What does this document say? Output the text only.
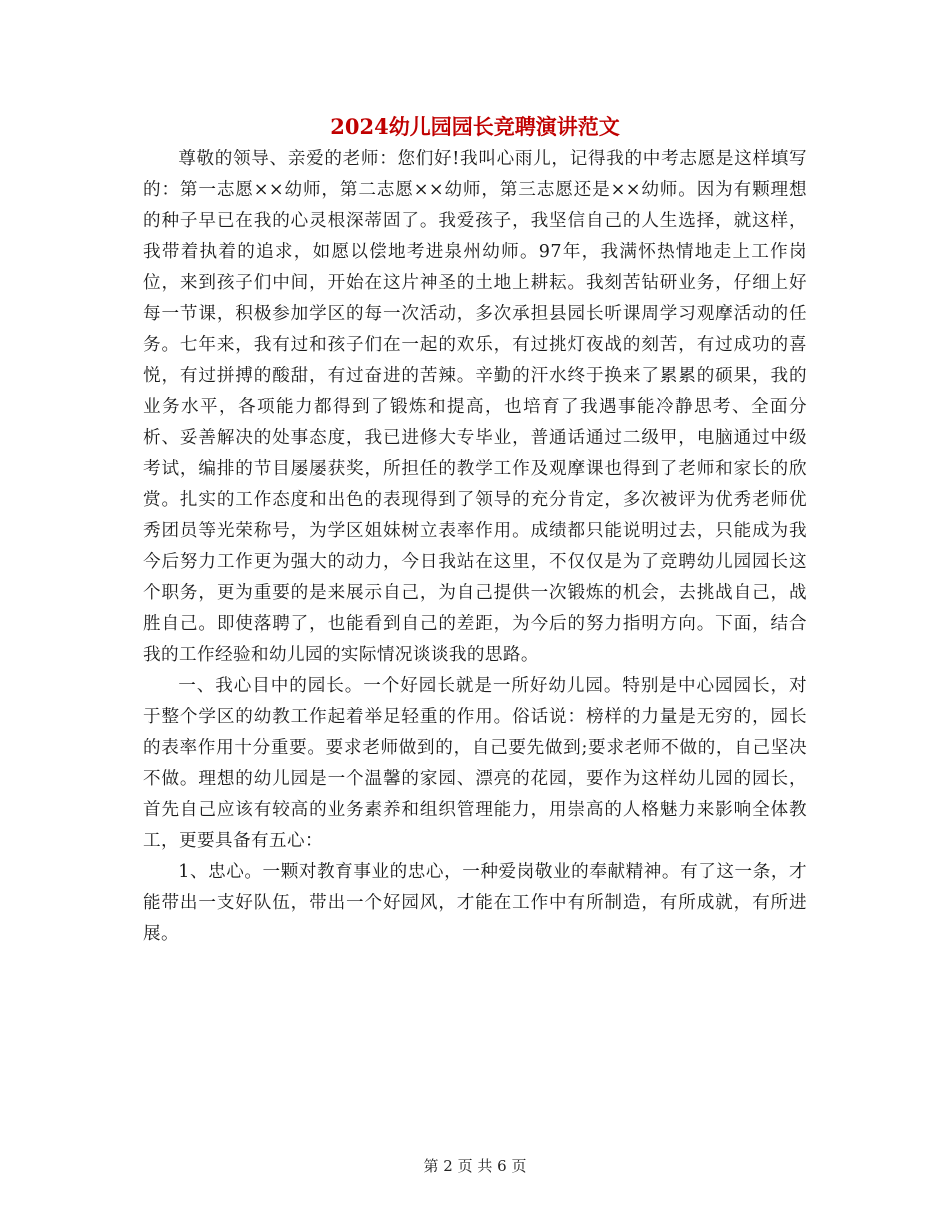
2024幼儿园园长竞聘演讲范文

尊敬的领导、亲爱的老师：您们好!我叫心雨儿，记得我的中考志愿是这样填写的：第一志愿××幼师，第二志愿××幼师，第三志愿还是××幼师。因为有颗理想的种子早已在我的心灵根深蒂固了。我爱孩子，我坚信自己的人生选择，就这样，我带着执着的追求，如愿以偿地考进泉州幼师。97年，我满怀热情地走上工作岗位，来到孩子们中间，开始在这片神圣的土地上耕耘。我刻苦钻研业务，仔细上好每一节课，积极参加学区的每一次活动，多次承担县园长听课周学习观摩活动的任务。七年来，我有过和孩子们在一起的欢乐，有过挑灯夜战的刻苦，有过成功的喜悦，有过拼搏的酸甜，有过奋进的苦辣。辛勤的汗水终于换来了累累的硕果，我的业务水平，各项能力都得到了锻炼和提高，也培育了我遇事能冷静思考、全面分析、妥善解决的处事态度，我已进修大专毕业，普通话通过二级甲，电脑通过中级考试，编排的节目屡屡获奖，所担任的教学工作及观摩课也得到了老师和家长的欣赏。扎实的工作态度和出色的表现得到了领导的充分肯定，多次被评为优秀老师优秀团员等光荣称号，为学区姐妹树立表率作用。成绩都只能说明过去，只能成为我今后努力工作更为强大的动力，今日我站在这里，不仅仅是为了竞聘幼儿园园长这个职务，更为重要的是来展示自己，为自己提供一次锻炼的机会，去挑战自己，战胜自己。即使落聘了，也能看到自己的差距，为今后的努力指明方向。下面，结合我的工作经验和幼儿园的实际情况谈谈我的思路。

一、我心目中的园长。一个好园长就是一所好幼儿园。特别是中心园园长，对于整个学区的幼教工作起着举足轻重的作用。俗话说：榜样的力量是无穷的，园长的表率作用十分重要。要求老师做到的，自己要先做到;要求老师不做的，自己坚决不做。理想的幼儿园是一个温馨的家园、漂亮的花园，要作为这样幼儿园的园长，首先自己应该有较高的业务素养和组织管理能力，用崇高的人格魅力来影响全体教工，更要具备有五心：

1、忠心。一颗对教育事业的忠心，一种爱岗敬业的奉献精神。有了这一条，才能带出一支好队伍，带出一个好园风，才能在工作中有所制造，有所成就，有所进展。

第 2 页 共 6 页
